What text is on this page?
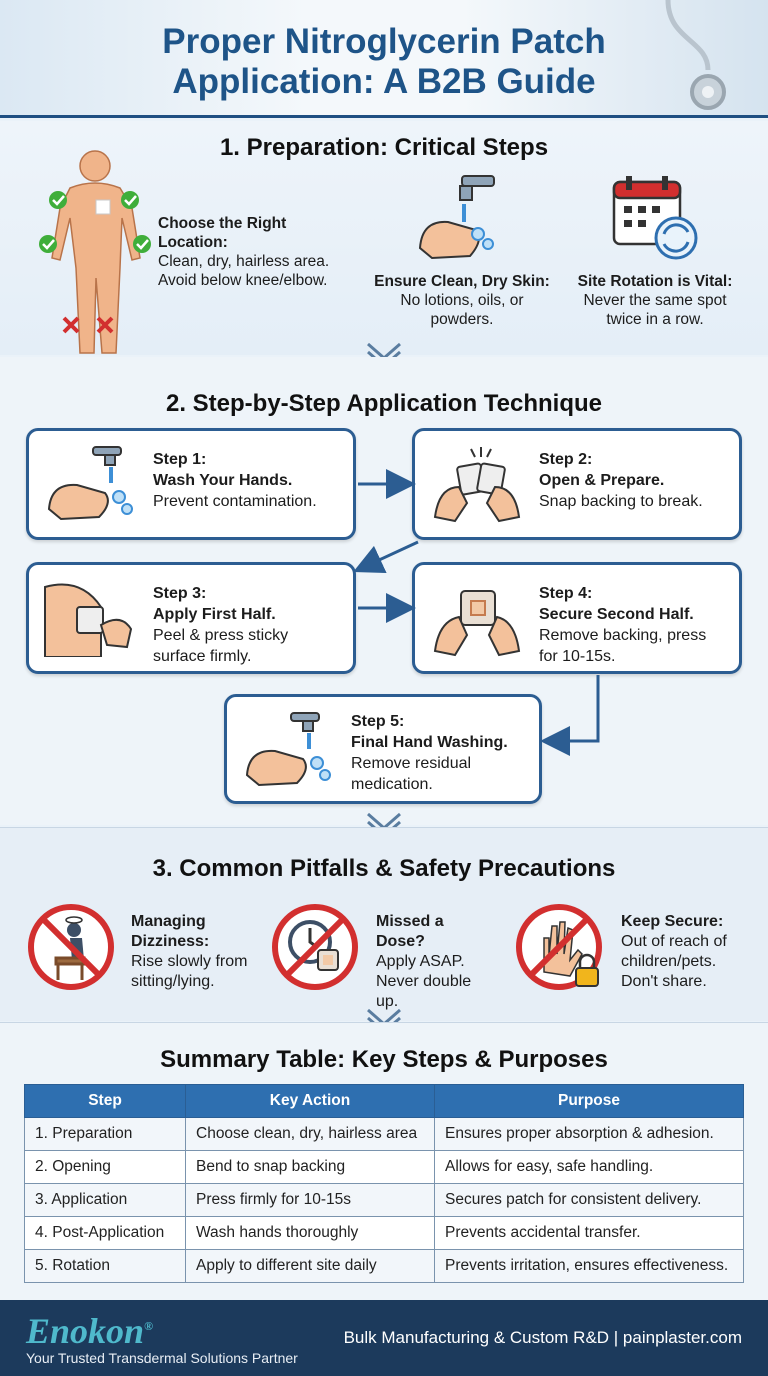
Proper Nitroglycerin Patch
Application: A B2B Guide
1. Preparation: Critical Steps
Choose the Right Location:
Clean, dry, hairless area. Avoid below knee/elbow.	Ensure Clean, Dry Skin:
No lotions, oils, or
powders.
Site Rotation is Vital:
Never the same spot
twice in a row.
2. Step-by-Step Application Technique
Step 1:
Wash Your Hands.
Prevent contamination.
Step 2:
Open & Prepare.
Snap backing to break.
Step 3:
Apply First Half.
Peel & press sticky surface firmly.
Step 4:
Secure Second Half.
Remove backing, press for 10-15s.
Step 5:
Final Hand Washing.
Remove residual medication.
3. Common Pitfalls & Safety Precautions
Managing Dizziness:
Rise slowly from
sitting/lying.
Missed a Dose?
Apply ASAP.
Never double
up.
Keep Secure:
Out of reach of
children/pets.
Don't share.
Summary Table: Key Steps & Purposes
Step	Key Action	Purpose
1. Preparation	Choose clean, dry, hairless area	Ensures proper absorption & adhesion.
2. Opening	Bend to snap backing	Allows for easy, safe handling.
3. Application	Press firmly for 10-15s	Secures patch for consistent delivery.
4. Post-Application	Wash hands thoroughly	Prevents accidental transfer.
5. Rotation	Apply to different site daily	Prevents irritation, ensures effectiveness.
Enokon®
Your Trusted Transdermal Solutions Partner
Bulk Manufacturing & Custom R&D | painplaster.com
